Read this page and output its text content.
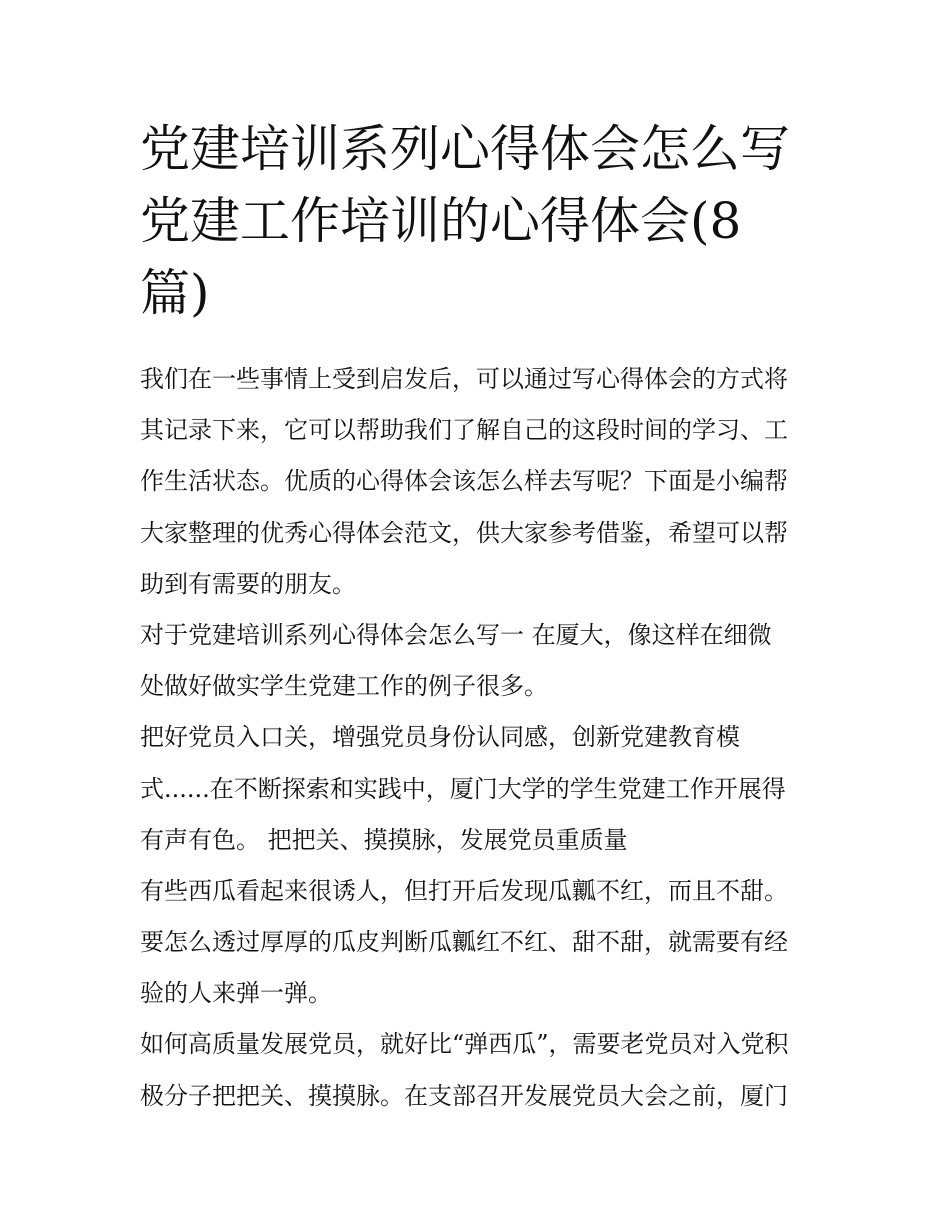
党建培训系列心得体会怎么写
党建工作培训的心得体会(8
篇)
我们在一些事情上受到启发后，可以通过写心得体会的方式将
其记录下来，它可以帮助我们了解自己的这段时间的学习、工
作生活状态。优质的心得体会该怎么样去写呢？下面是小编帮
大家整理的优秀心得体会范文，供大家参考借鉴，希望可以帮
助到有需要的朋友。
对于党建培训系列心得体会怎么写一 在厦大，像这样在细微
处做好做实学生党建工作的例子很多。
把好党员入口关，增强党员身份认同感，创新党建教育模
式......在不断探索和实践中，厦门大学的学生党建工作开展得
有声有色。 把把关、摸摸脉，发展党员重质量
有些西瓜看起来很诱人，但打开后发现瓜瓤不红，而且不甜。
要怎么透过厚厚的瓜皮判断瓜瓤红不红、甜不甜，就需要有经
验的人来弹一弹。
如何高质量发展党员，就好比“弹西瓜”，需要老党员对入党积
极分子把把关、摸摸脉。在支部召开发展党员大会之前，厦门
